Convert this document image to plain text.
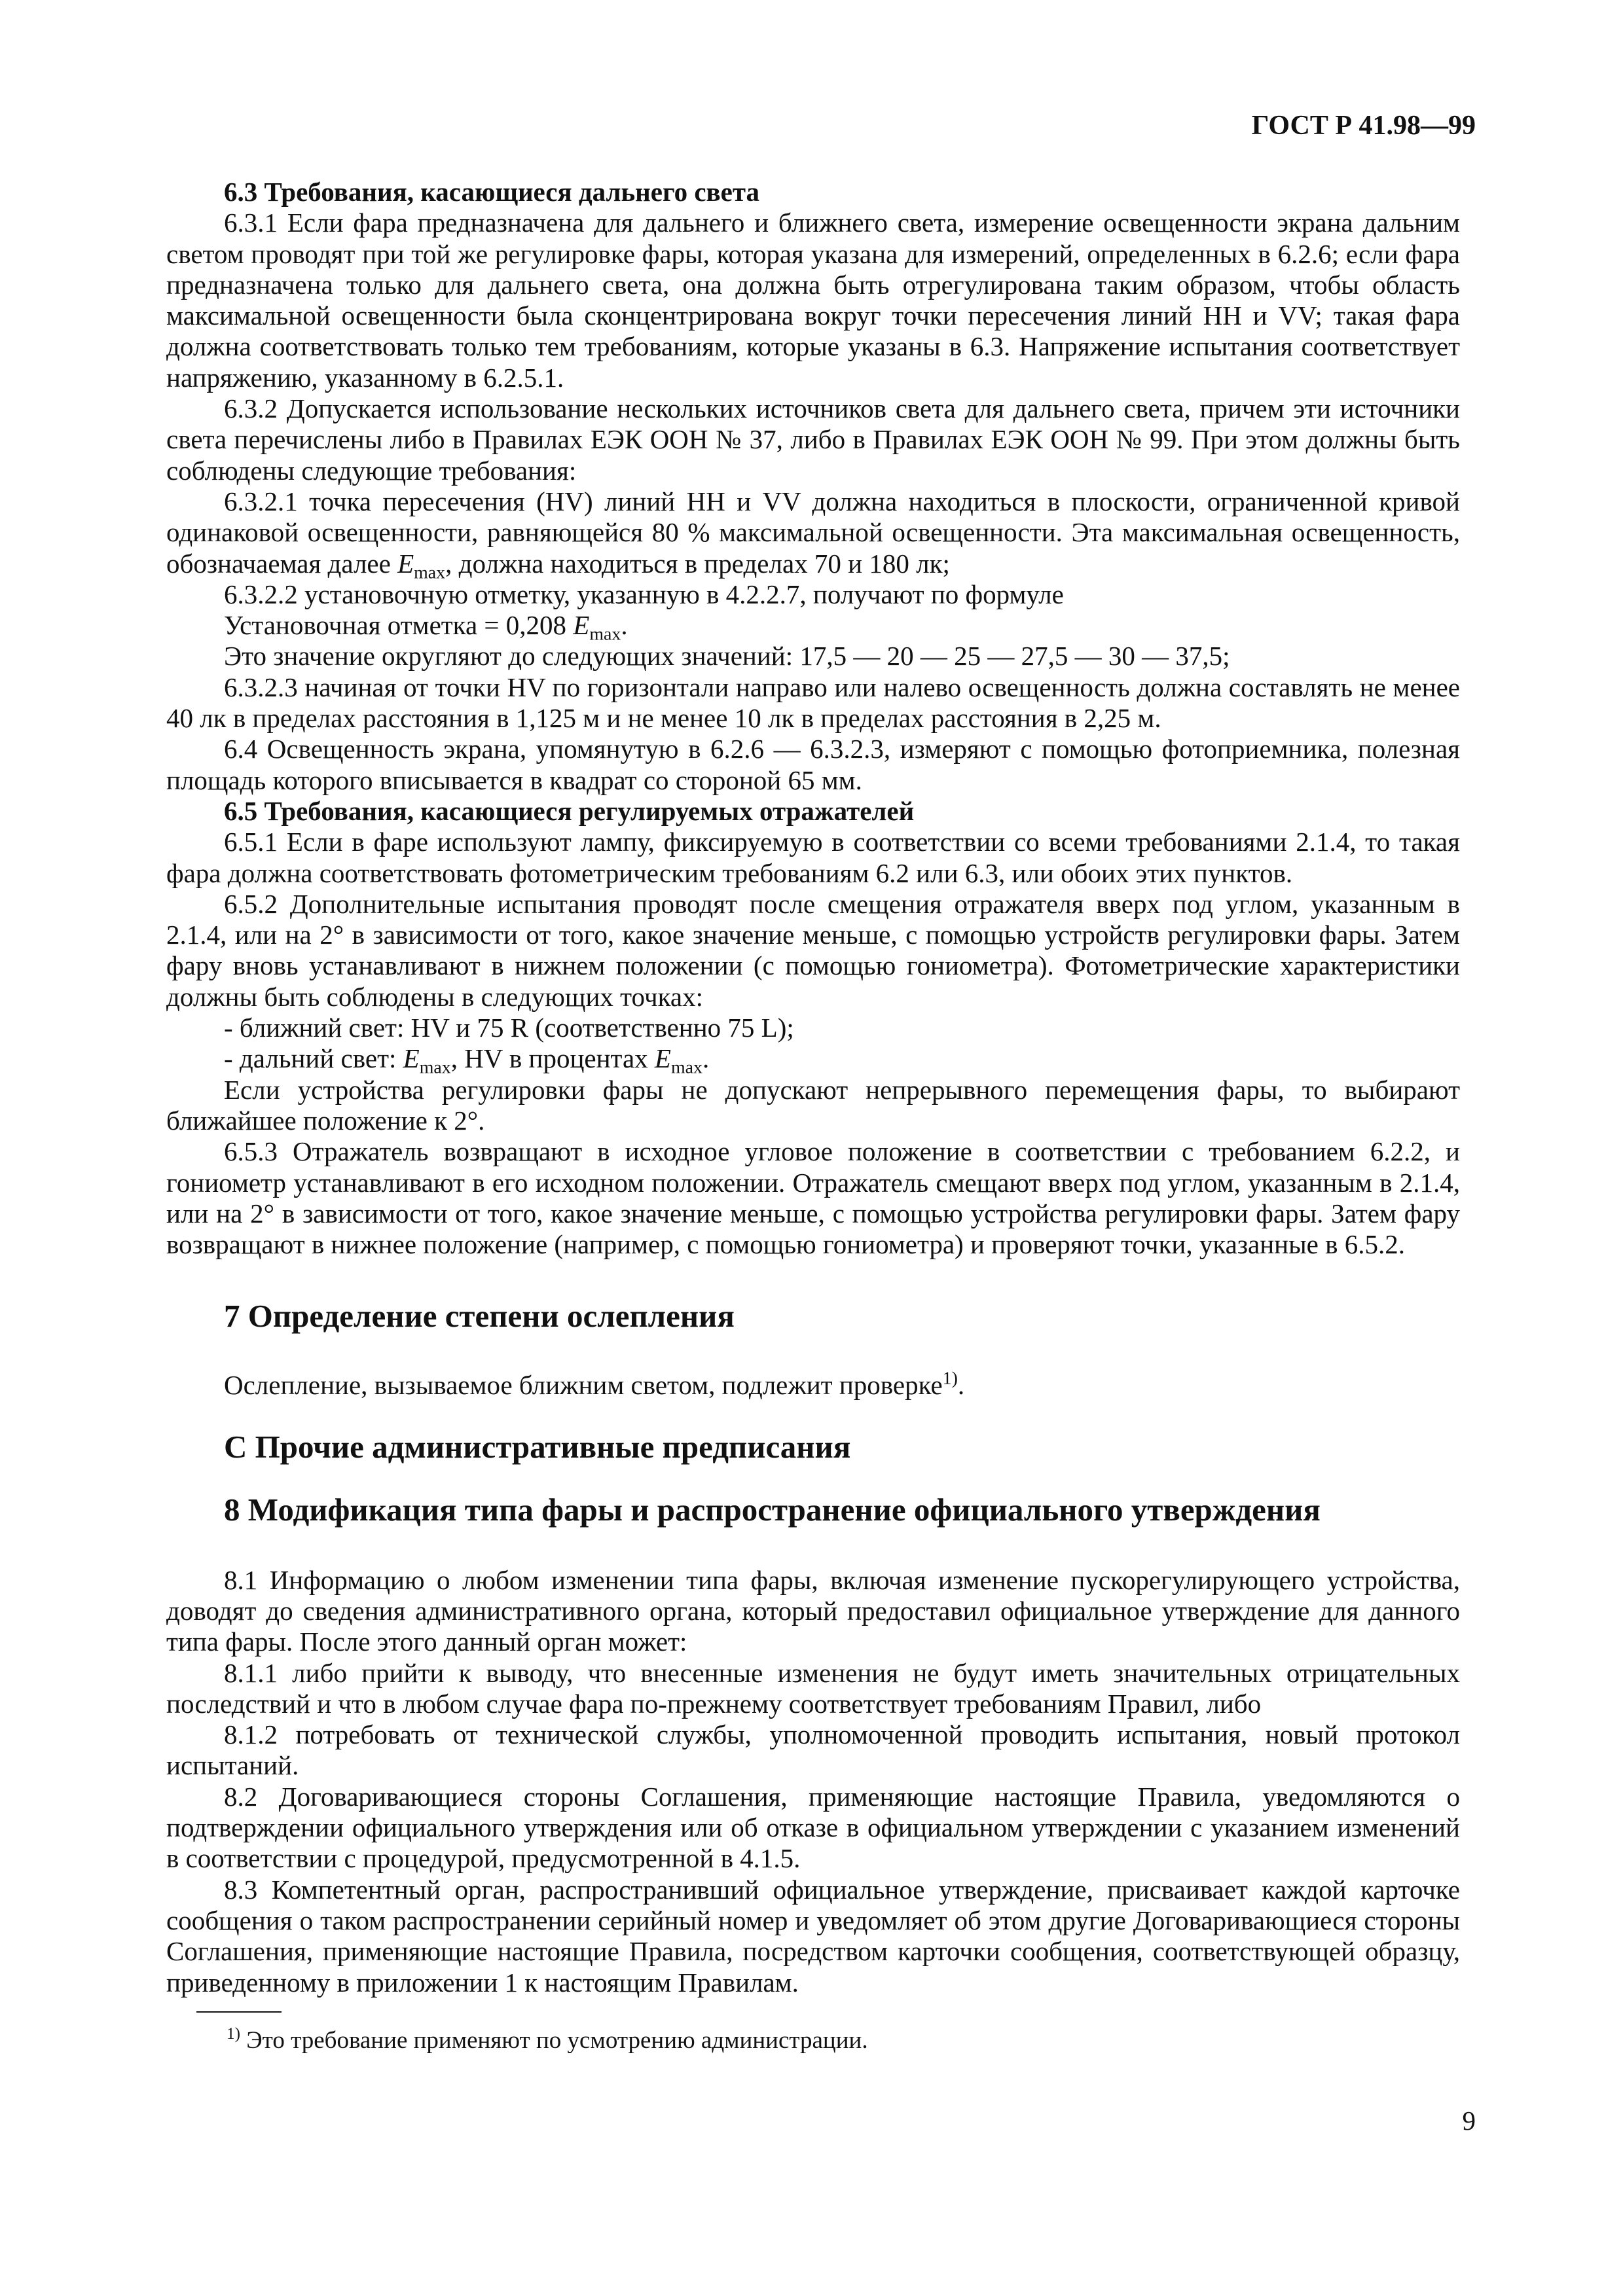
ГОСТ Р 41.98—99

6.3 Требования, касающиеся дальнего света

6.3.1 Если фара предназначена для дальнего и ближнего света, измерение освещенности экрана дальним светом проводят при той же регулировке фары, которая указана для измерений, определенных в 6.2.6; если фара предназначена только для дальнего света, она должна быть отрегулирована таким образом, чтобы область максимальной освещенности была сконцентрирована вокруг точки пересечения линий HH и VV; такая фара должна соответствовать только тем требованиям, которые указаны в 6.3. Напряжение испытания соответствует напряжению, указанному в 6.2.5.1.

6.3.2 Допускается использование нескольких источников света для дальнего света, причем эти источники света перечислены либо в Правилах ЕЭК ООН № 37, либо в Правилах ЕЭК ООН № 99. При этом должны быть соблюдены следующие требования:

6.3.2.1 точка пересечения (HV) линий HH и VV должна находиться в плоскости, ограниченной кривой одинаковой освещенности, равняющейся 80 % максимальной освещенности. Эта максимальная освещенность, обозначаемая далее $E_{max}$, должна находиться в пределах 70 и 180 лк;

6.3.2.2 установочную отметку, указанную в 4.2.2.7, получают по формуле

Установочная отметка = 0,208 $E_{max}$.

Это значение округляют до следующих значений: 17,5 — 20 — 25 — 27,5 — 30 — 37,5;

6.3.2.3 начиная от точки HV по горизонтали направо или налево освещенность должна составлять не менее 40 лк в пределах расстояния в 1,125 м и не менее 10 лк в пределах расстояния в 2,25 м.

6.4 Освещенность экрана, упомянутую в 6.2.6 — 6.3.2.3, измеряют с помощью фотоприемника, полезная площадь которого вписывается в квадрат со стороной 65 мм.

6.5 Требования, касающиеся регулируемых отражателей

6.5.1 Если в фаре используют лампу, фиксируемую в соответствии со всеми требованиями 2.1.4, то такая фара должна соответствовать фотометрическим требованиям 6.2 или 6.3, или обоих этих пунктов.

6.5.2 Дополнительные испытания проводят после смещения отражателя вверх под углом, указанным в 2.1.4, или на 2° в зависимости от того, какое значение меньше, с помощью устройств регулировки фары. Затем фару вновь устанавливают в нижнем положении (с помощью гониометра). Фотометрические характеристики должны быть соблюдены в следующих точках:

- ближний свет: HV и 75 R (соответственно 75 L);

- дальний свет: $E_{max}$, HV в процентах $E_{max}$.

Если устройства регулировки фары не допускают непрерывного перемещения фары, то выбирают ближайшее положение к 2°.

6.5.3 Отражатель возвращают в исходное угловое положение в соответствии с требованием 6.2.2, и гониометр устанавливают в его исходном положении. Отражатель смещают вверх под углом, указанным в 2.1.4, или на 2° в зависимости от того, какое значение меньше, с помощью устройства регулировки фары. Затем фару возвращают в нижнее положение (например, с помощью гониометра) и проверяют точки, указанные в 6.5.2.

7 Определение степени ослепления

Ослепление, вызываемое ближним светом, подлежит проверке$^{1)}$.

С Прочие административные предписания
8 Модификация типа фары и распространение официального утверждения

8.1 Информацию о любом изменении типа фары, включая изменение пускорегулирующего устройства, доводят до сведения административного органа, который предоставил официальное утверждение для данного типа фары. После этого данный орган может:

8.1.1 либо прийти к выводу, что внесенные изменения не будут иметь значительных отрицательных последствий и что в любом случае фара по-прежнему соответствует требованиям Правил, либо

8.1.2 потребовать от технической службы, уполномоченной проводить испытания, новый протокол испытаний.

8.2 Договаривающиеся стороны Соглашения, применяющие настоящие Правила, уведомляются о подтверждении официального утверждения или об отказе в официальном утверждении с указанием изменений в соответствии с процедурой, предусмотренной в 4.1.5.

8.3 Компетентный орган, распространивший официальное утверждение, присваивает каждой карточке сообщения о таком распространении серийный номер и уведомляет об этом другие Договаривающиеся стороны Соглашения, применяющие настоящие Правила, посредством карточки сообщения, соответствующей образцу, приведенному в приложении 1 к настоящим Правилам.

$^{1)}$ Это требование применяют по усмотрению администрации.
9
